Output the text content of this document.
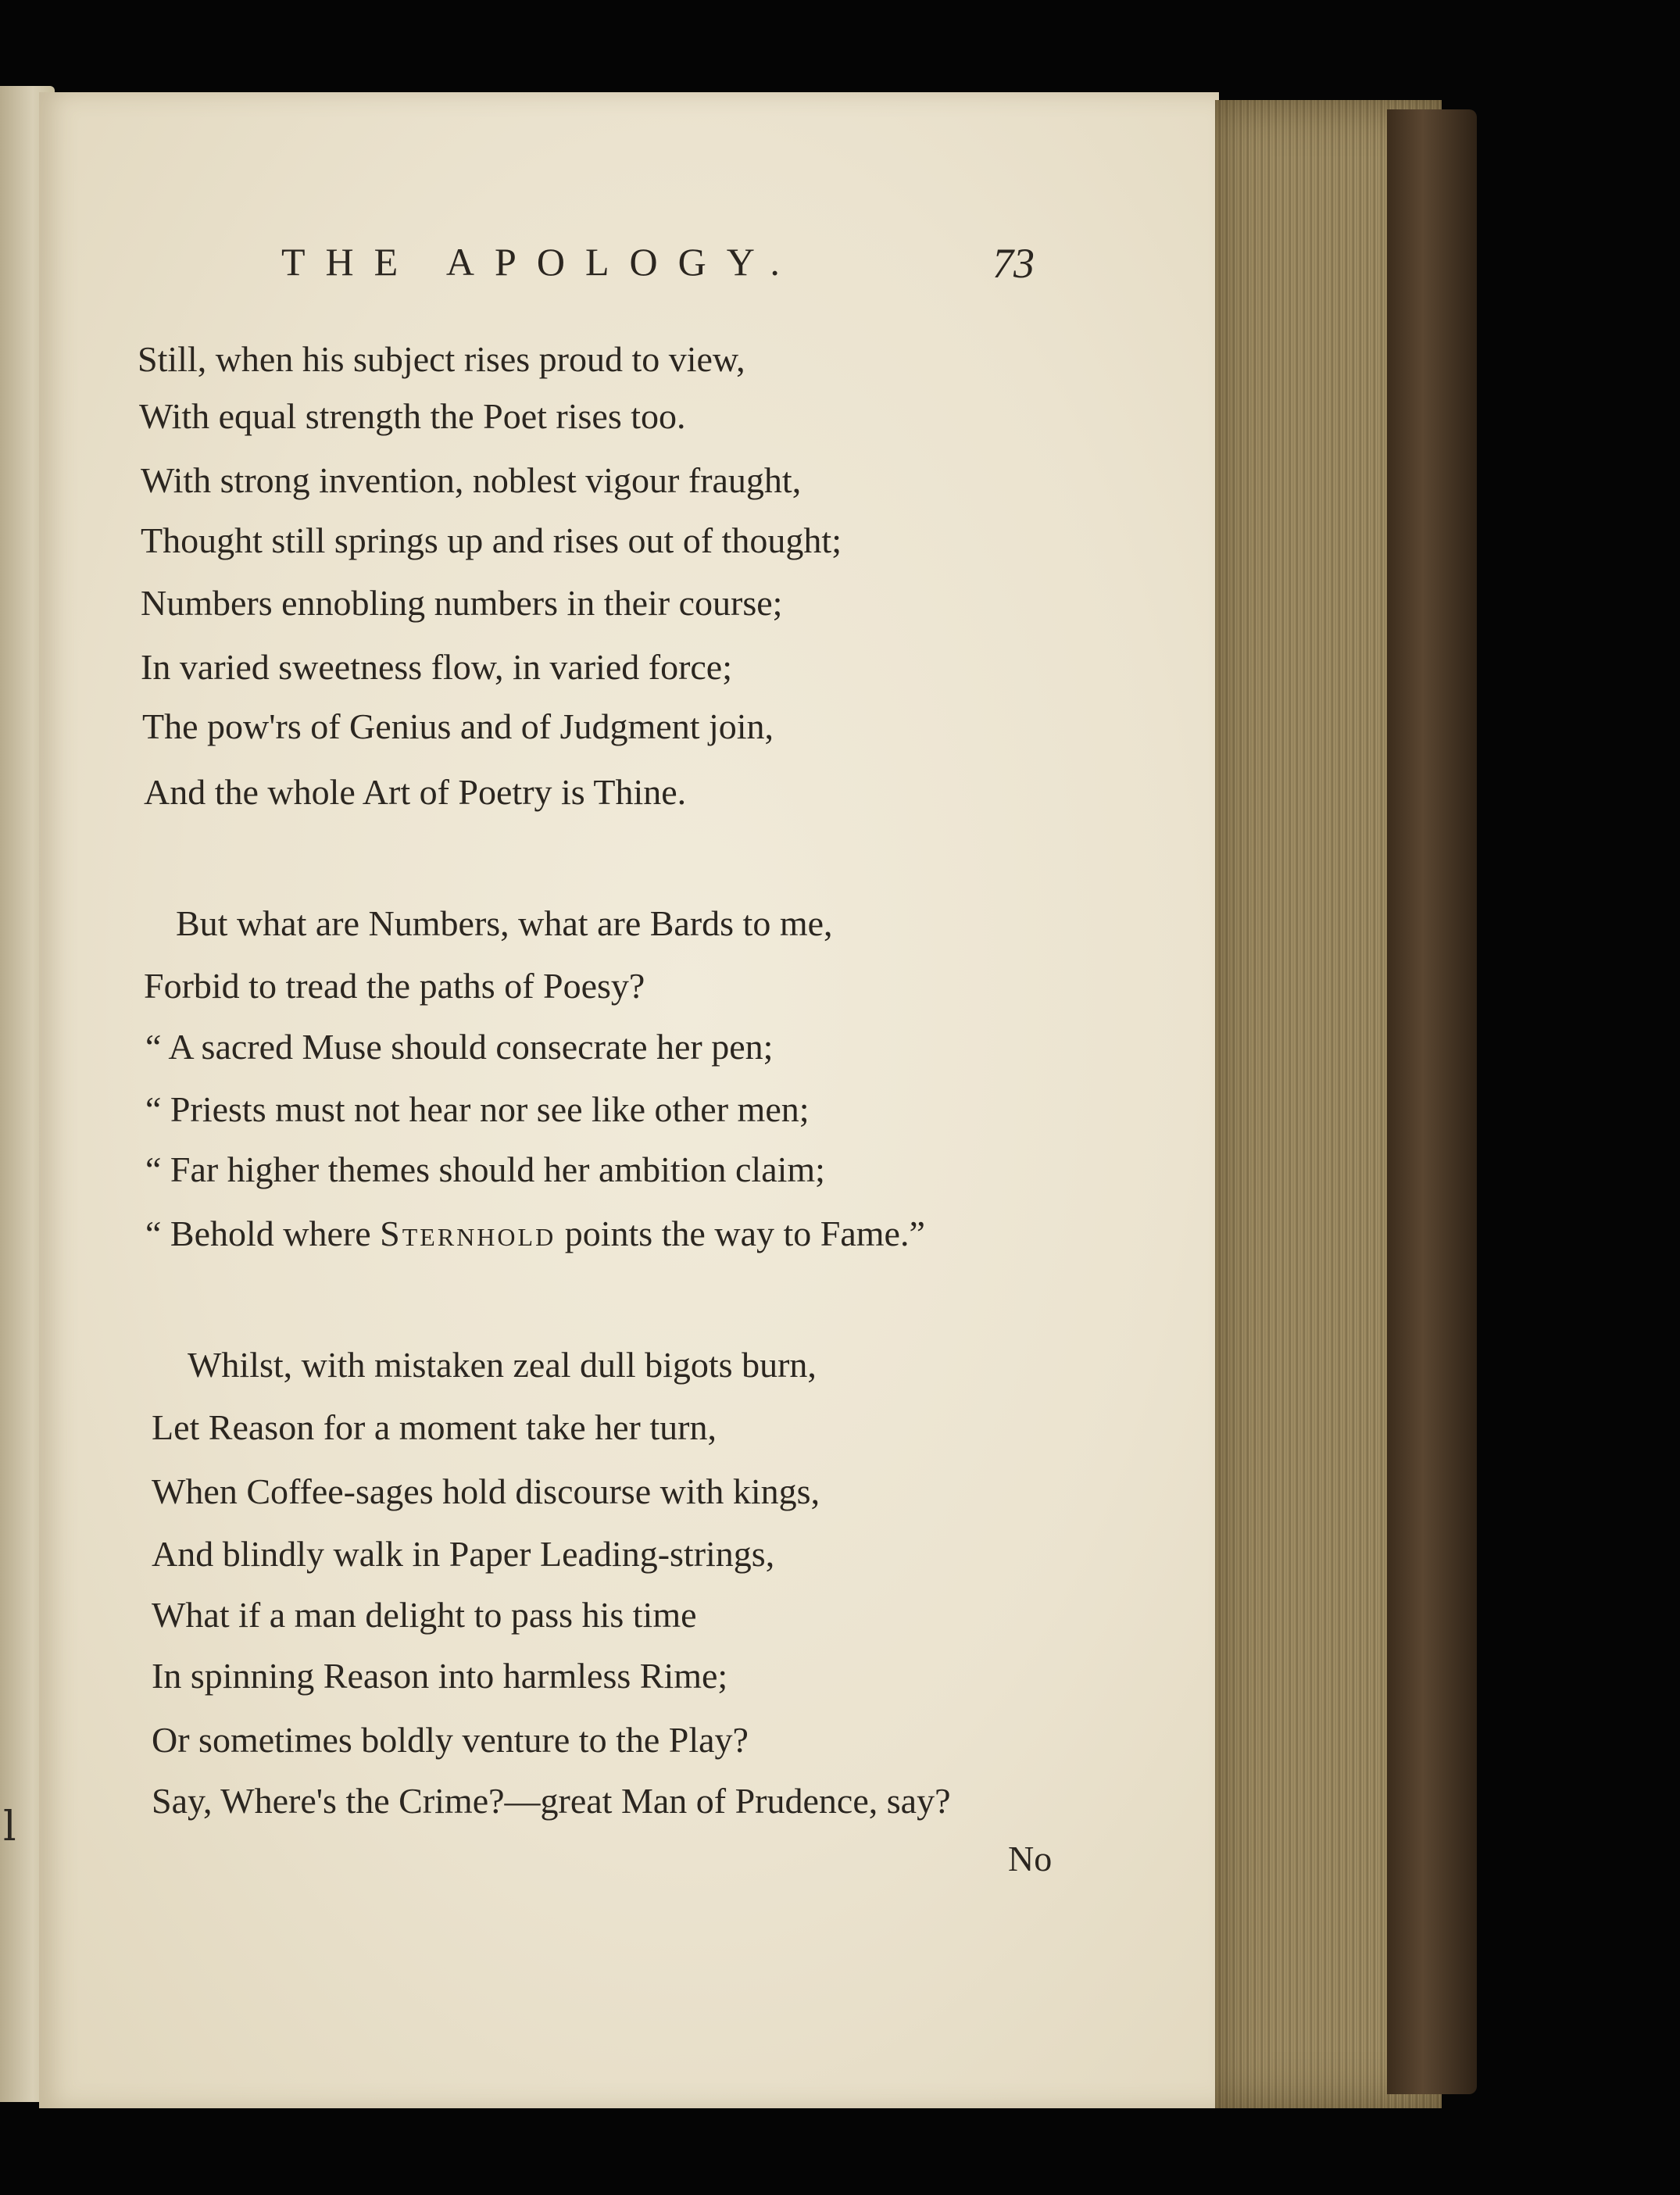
l
THE APOLOGY.	73
Still, when his subject rises proud to view,
With equal strength the Poet rises too.
With strong invention, noblest vigour fraught,
Thought still springs up and rises out of thought;
Numbers ennobling numbers in their course;
In varied sweetness flow, in varied force;
The pow'rs of Genius and of Judgment join,
And the whole Art of Poetry is Thine.
But what are Numbers, what are Bards to me,
Forbid to tread the paths of Poesy?
“ A sacred Muse should consecrate her pen;
“ Priests must not hear nor see like other men;
“ Far higher themes should her ambition claim;
“ Behold where Sternhold points the way to Fame.”
Whilst, with mistaken zeal dull bigots burn,
Let Reason for a moment take her turn,
When Coffee-sages hold discourse with kings,
And blindly walk in Paper Leading-strings,
What if a man delight to pass his time
In spinning Reason into harmless Rime;
Or sometimes boldly venture to the Play?
Say, Where's the Crime?—great Man of Prudence, say?
No
